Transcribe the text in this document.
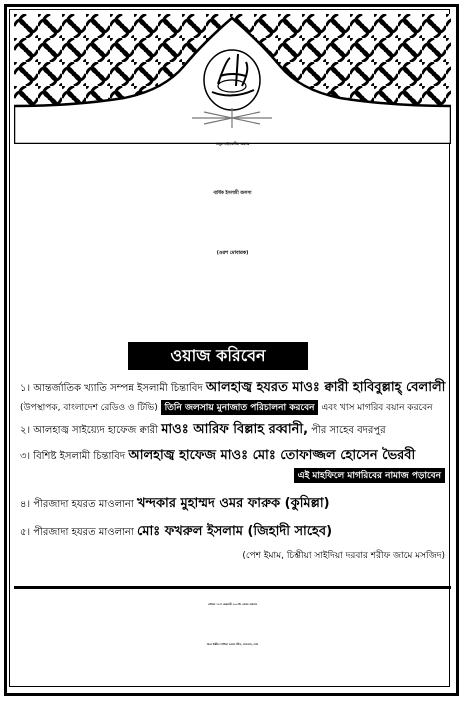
হুজুর সাইদাবাদীর দরবারে
বার্ষিক ইসলামী জলসা
(ওরশ মোবারক)
ওয়াজ করিবেন
১। আন্তর্জাতিক খ্যাতি সম্পন্ন ইসলামী চিন্তাবিদ আলহাজ্ব হযরত মাওঃ ক্বারী হাবিবুল্লাহ্ বেলালী
(উপস্থাপক, বাংলাদেশ রেডিও ও টিভি) তিনি জলসায় মুনাজাত পরিচালনা করবেন এবং খাস মাগরিব বয়ান করবেন
২। আলহাজ্ব সাইয়্যেদ হাফেজ ক্বারী মাওঃ আরিফ বিল্লাহ রব্বানী, পীর সাহেব বদরপুর
৩। বিশিষ্ট ইসলামী চিন্তাবিদ আলহাজ্ব হাফেজ মাওঃ মোঃ তোফাজ্জল হোসেন ভৈরবী
এই মাহফিলে মাগরিবের নামাজ পড়াবেন
৪। পীরজাদা হযরত মাওলানা খন্দকার মুহাম্মদ ওমর ফারুক (কুমিল্লা)
৫। পীরজাদা হযরত মাওলানা মোঃ ফখরুল ইসলাম (জিহাদী সাহেব)
(পেশ ইমাম, চিশ্তীয়া সাইদিয়া দরবার শরীফ জামে মসজিদ)
তারিখঃ ২৭শে ফেব্রুয়ারী ২০১৫ইং রোজঃ শুক্রবার
স্থানঃ চিশ্তীয়া সাইদিয়া দরবার শরীফ, সায়দাবাদ, ঢাকা
